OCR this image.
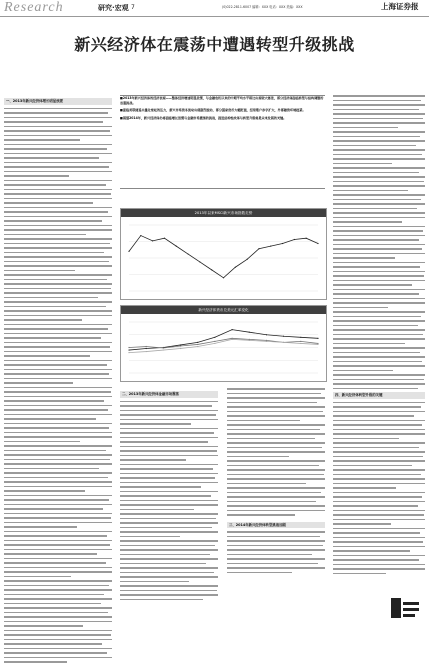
Research	研究·宏观 7	(0)022-2811-6007 编辑：XXX 电话：XXX 美编：XXX	上海证券报
新兴经济体在震荡中遭遇转型升级挑战
一、2013年新兴经济体增长明显放缓
■2013年新兴经济体的经济表现——整体经济增速明显放缓，与金融危机以来的中期平均水平相比出现较大落差，部分经济体面临转型与结构调整的双重挑战。
■面临美联储退出量化宽松的压力，新兴市场资本流动出现剧烈波动，部分国家货币大幅贬值，经常账户赤字扩大，外部融资环境趋紧。
■展望2014年，新兴经济体仍将面临增长放缓与金融市场震荡的挑战，推进结构性改革与转型升级将是未来发展的关键。
2013年以来MSCI新兴市场指数走势
新兴经济体货币兑美元汇率变化
二、2013年新兴经济体金融市场震荡
三、2014年新兴经济体转型挑战加剧
四、新兴经济体转型升级的关键
